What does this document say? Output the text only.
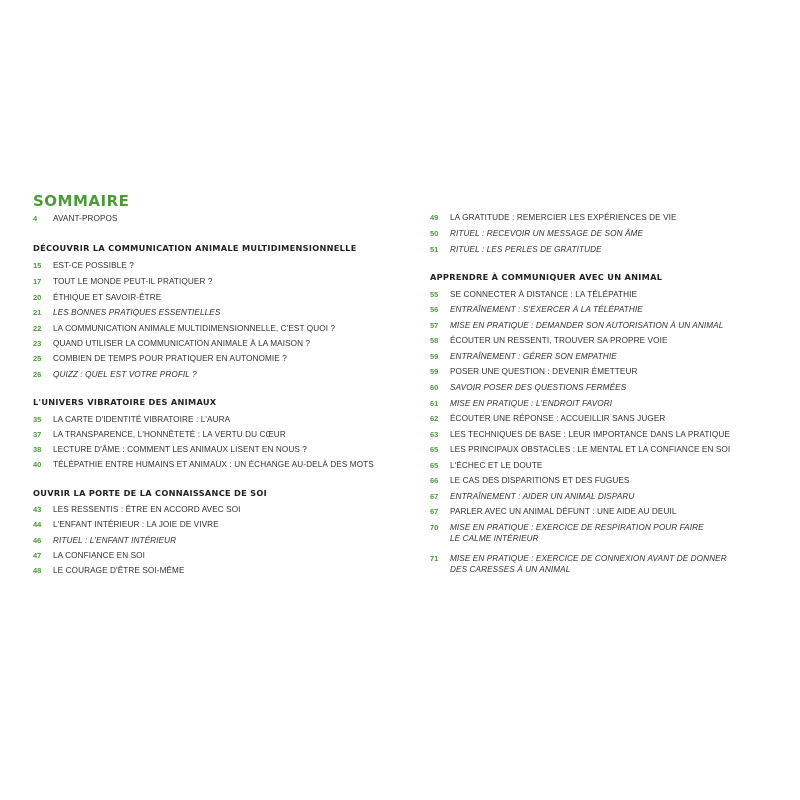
SOMMAIRE
4 AVANT-PROPOS
DÉCOUVRIR LA COMMUNICATION ANIMALE MULTIDIMENSIONNELLE
15 EST-CE POSSIBLE ?
17 TOUT LE MONDE PEUT-IL PRATIQUER ?
20 ÉTHIQUE ET SAVOIR-ÊTRE
21 LES BONNES PRATIQUES ESSENTIELLES
22 LA COMMUNICATION ANIMALE MULTIDIMENSIONNELLE, C'EST QUOI ?
23 QUAND UTILISER LA COMMUNICATION ANIMALE À LA MAISON ?
25 COMBIEN DE TEMPS POUR PRATIQUER EN AUTONOMIE ?
26 QUIZZ : QUEL EST VOTRE PROFIL ?
L'UNIVERS VIBRATOIRE DES ANIMAUX
35 LA CARTE D'IDENTITÉ VIBRATOIRE : L'AURA
37 LA TRANSPARENCE, L'HONNÊTETÉ : LA VERTU DU CŒUR
38 LECTURE D'ÂME : COMMENT LES ANIMAUX LISENT EN NOUS ?
40 TÉLÉPATHIE ENTRE HUMAINS ET ANIMAUX : UN ÉCHANGE AU-DELÀ DES MOTS
OUVRIR LA PORTE DE LA CONNAISSANCE DE SOI
43 LES RESSENTIS : ÊTRE EN ACCORD AVEC SOI
44 L'ENFANT INTÉRIEUR : LA JOIE DE VIVRE
46 RITUEL : L'ENFANT INTÉRIEUR
47 LA CONFIANCE EN SOI
48 LE COURAGE D'ÊTRE SOI-MÊME
49 LA GRATITUDE : REMERCIER LES EXPÉRIENCES DE VIE
50 RITUEL : RECEVOIR UN MESSAGE DE SON ÂME
51 RITUEL : LES PERLES DE GRATITUDE
APPRENDRE À COMMUNIQUER AVEC UN ANIMAL
55 SE CONNECTER À DISTANCE : LA TÉLÉPATHIE
56 ENTRAÎNEMENT : S'EXERCER À LA TÉLÉPATHIE
57 MISE EN PRATIQUE : DEMANDER SON AUTORISATION À UN ANIMAL
58 ÉCOUTER UN RESSENTI, TROUVER SA PROPRE VOIE
59 ENTRAÎNEMENT : GÉRER SON EMPATHIE
59 POSER UNE QUESTION : DEVENIR ÉMETTEUR
60 SAVOIR POSER DES QUESTIONS FERMÉES
61 MISE EN PRATIQUE : L'ENDROIT FAVORI
62 ÉCOUTER UNE RÉPONSE : ACCUEILLIR SANS JUGER
63 LES TECHNIQUES DE BASE : LEUR IMPORTANCE DANS LA PRATIQUE
65 LES PRINCIPAUX OBSTACLES : LE MENTAL ET LA CONFIANCE EN SOI
65 L'ÉCHEC ET LE DOUTE
66 LE CAS DES DISPARITIONS ET DES FUGUES
67 ENTRAÎNEMENT : AIDER UN ANIMAL DISPARU
67 PARLER AVEC UN ANIMAL DÉFUNT : UNE AIDE AU DEUIL
70 MISE EN PRATIQUE : EXERCICE DE RESPIRATION POUR FAIRE
LE CALME INTÉRIEUR
71 MISE EN PRATIQUE : EXERCICE DE CONNEXION AVANT DE DONNER
DES CARESSES À UN ANIMAL
